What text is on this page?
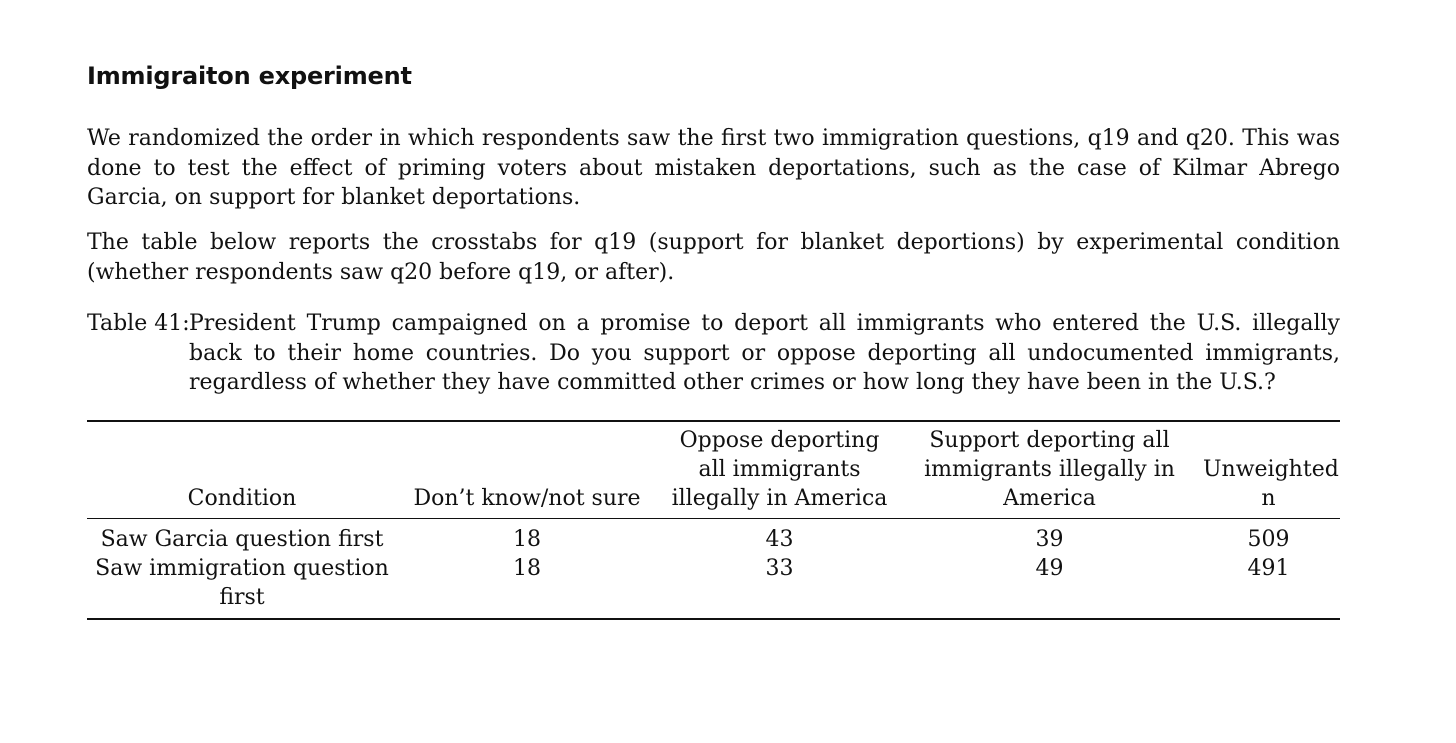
Immigraiton experiment

We randomized the order in which respondents saw the first two immigration questions, q19 and q20. This was done to test the effect of priming voters about mistaken deportations, such as the case of Kilmar Abrego Garcia, on support for blanket deportations.

The table below reports the crosstabs for q19 (support for blanket deportions) by experimental condition (whether respondents saw q20 before q19, or after).

Table 41: President Trump campaigned on a promise to deport all immigrants who entered the U.S. illegally back to their home countries. Do you support or oppose deporting all undocumented immigrants, regardless of whether they have committed other crimes or how long they have been in the U.S.?
Condition	Don’t know/not sure	Oppose deporting all immigrants illegally in America	Support deporting all immigrants illegally in America	Unweighted n
Saw Garcia question first	18	43	39	509
Saw immigration question first	18	33	49	491
